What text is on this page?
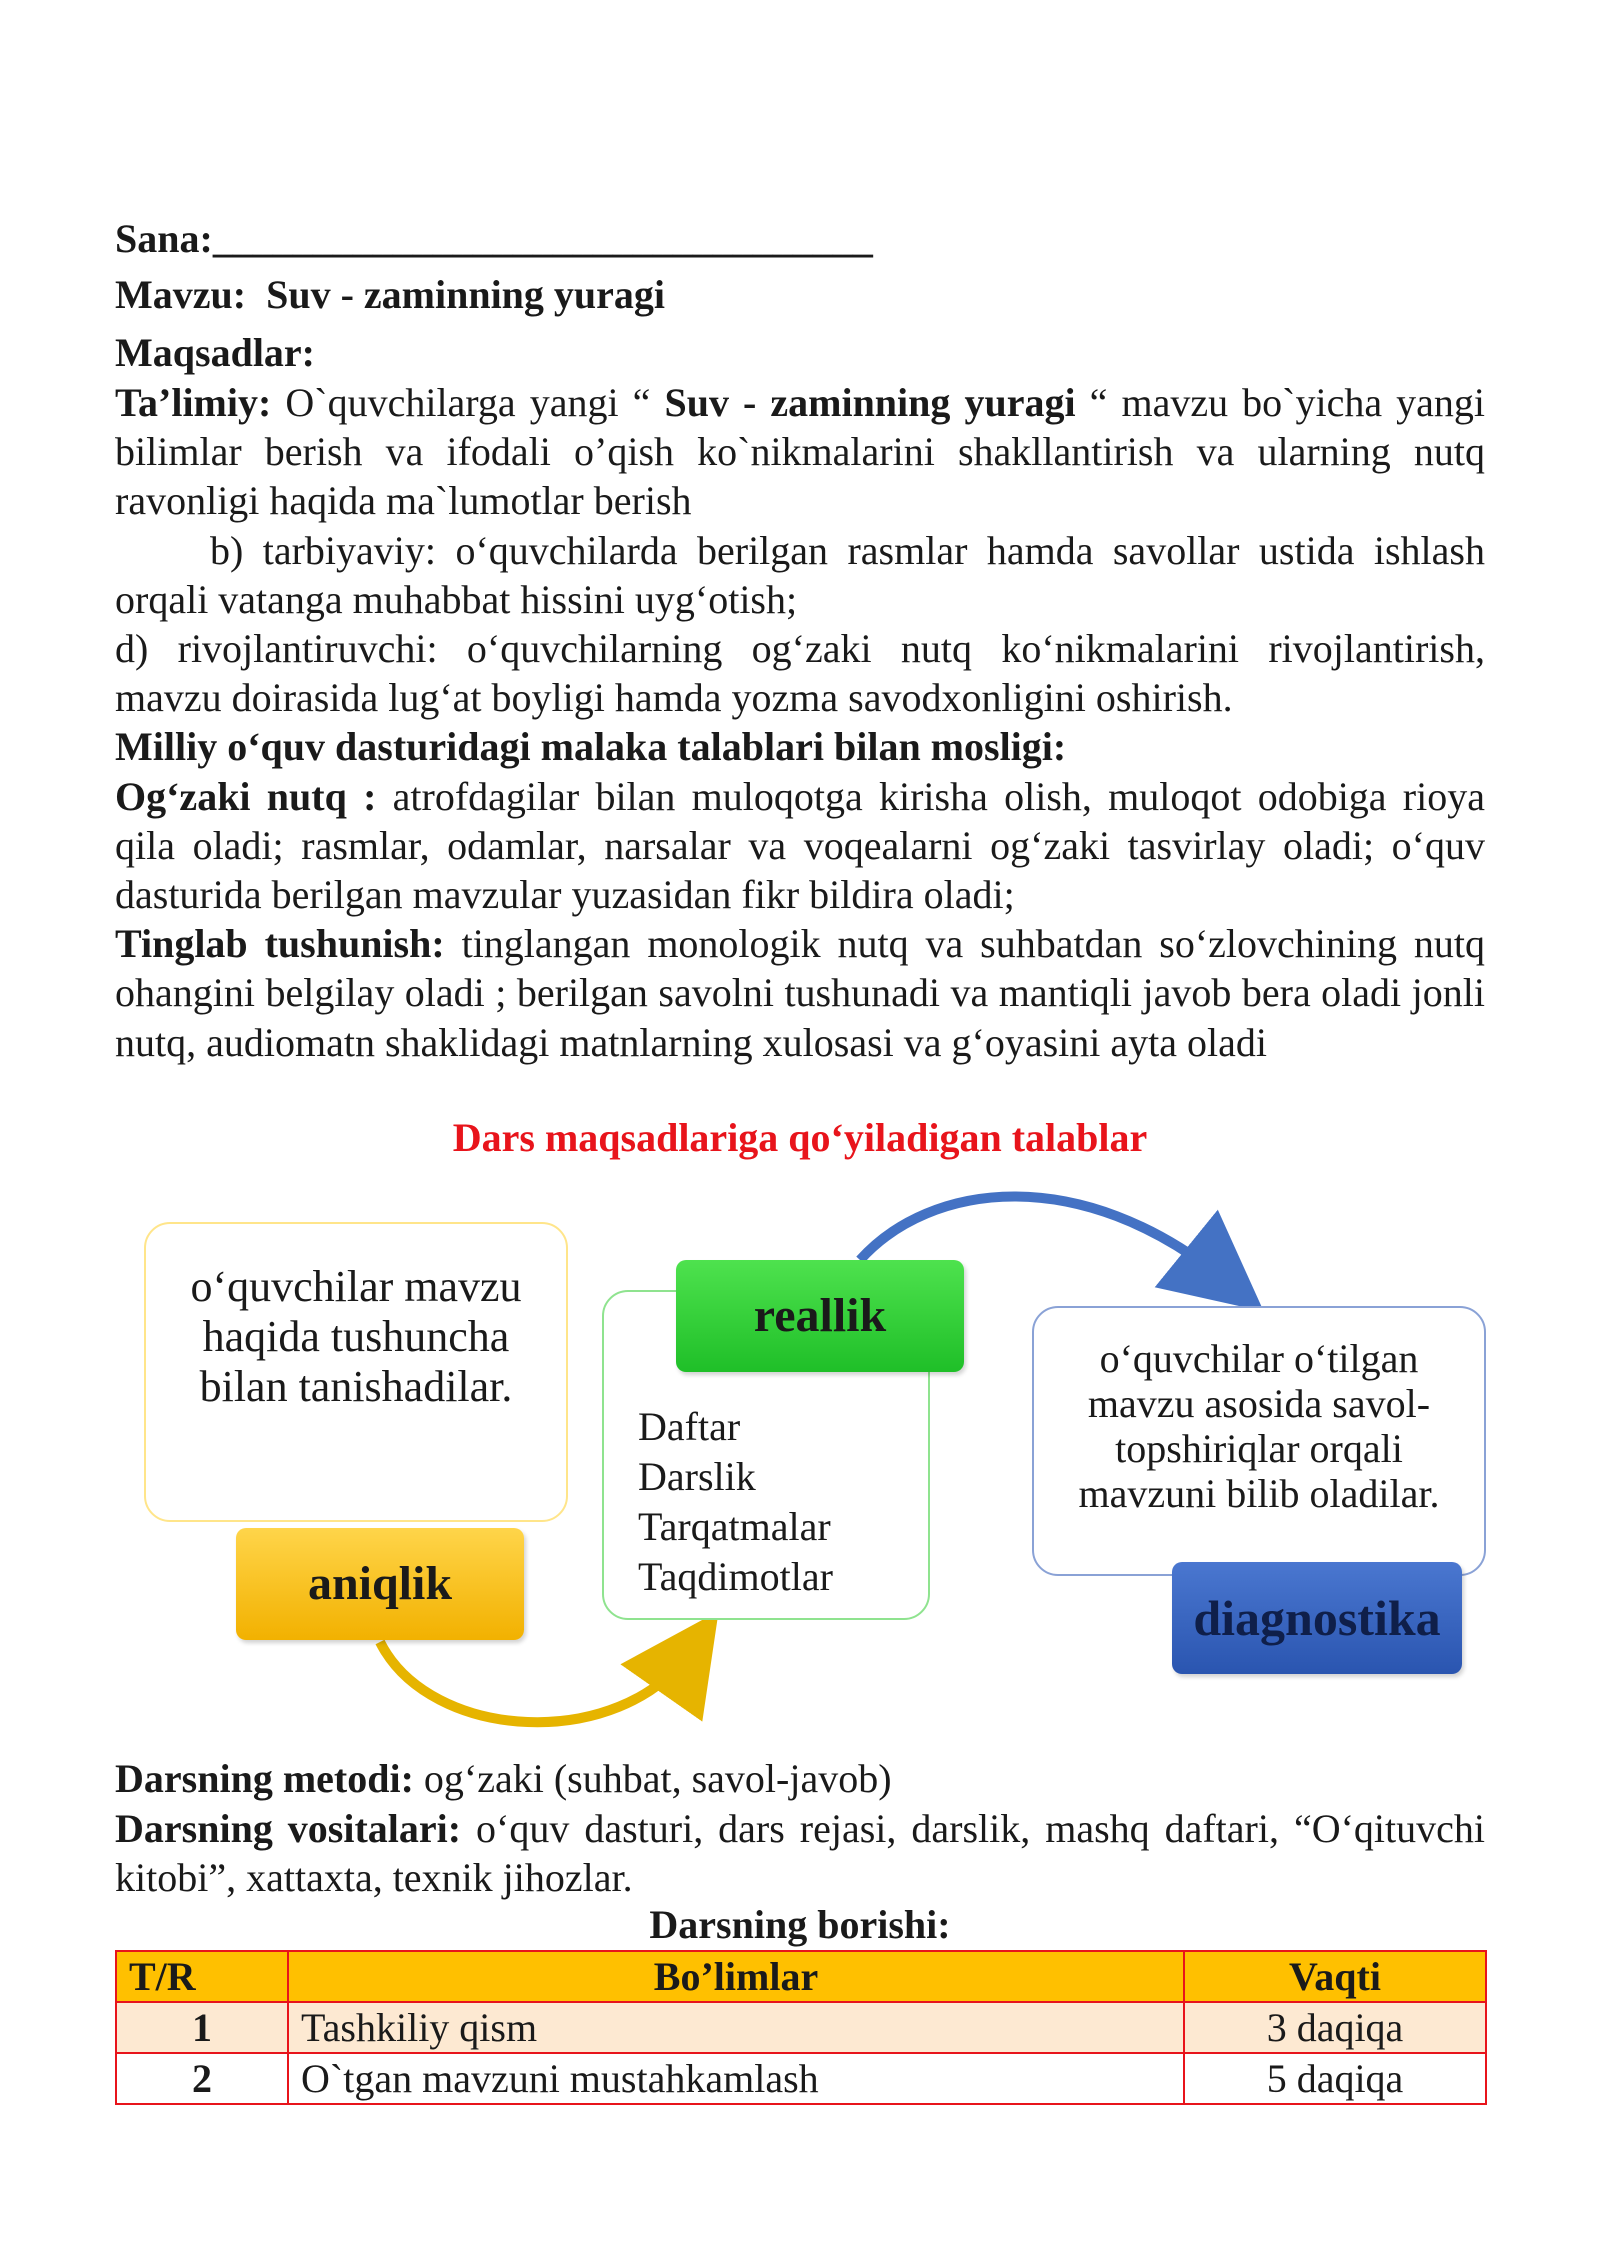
Sana:_________________________________

Mavzu: Suv - zaminning yuragi

Maqsadlar:

Ta’limiy: O`quvchilarga yangi “ Suv - zaminning yuragi “ mavzu bo`yicha yangi bilimlar berish va ifodali o’qish ko`nikmalarini shakllantirish va ularning nutq ravonligi haqida ma`lumotlar berish

b) tarbiyaviy: o‘quvchilarda berilgan rasmlar hamda savollar ustida ishlash orqali vatanga muhabbat hissini uyg‘otish;

d) rivojlantiruvchi: o‘quvchilarning og‘zaki nutq ko‘nikmalarini rivojlantirish, mavzu doirasida lug‘at boyligi hamda yozma savodxonligini oshirish.

Milliy o‘quv dasturidagi malaka talablari bilan mosligi:

Og‘zaki nutq : atrofdagilar bilan muloqotga kirisha olish, muloqot odobiga rioya qila oladi; rasmlar, odamlar, narsalar va voqealarni og‘zaki tasvirlay oladi; o‘quv dasturida berilgan mavzular yuzasidan fikr bildira oladi;

Tinglab tushunish: tinglangan monologik nutq va suhbatdan so‘zlovchining nutq ohangini belgilay oladi ; berilgan savolni tushunadi va mantiqli javob bera oladi jonli nutq, audiomatn shaklidagi matnlarning xulosasi va g‘oyasini ayta oladi

Dars maqsadlariga qo‘yiladigan talablar
o‘quvchilar mavzu haqida tushuncha bilan tanishadilar.
aniqlik
Daftar
Darslik
Tarqatmalar
Taqdimotlar
reallik
o‘quvchilar o‘tilgan mavzu asosida savol-topshiriqlar orqali mavzuni bilib oladilar.
diagnostika

Darsning metodi: og‘zaki (suhbat, savol-javob)

Darsning vositalari: o‘quv dasturi, dars rejasi, darslik, mashq daftari, “O‘qituvchi kitobi”, xattaxta, texnik jihozlar.

Darsning borishi:

T/R	Bo’limlar	Vaqti
1	Tashkiliy qism	3 daqiqa
2	O`tgan mavzuni mustahkamlash	5 daqiqa
